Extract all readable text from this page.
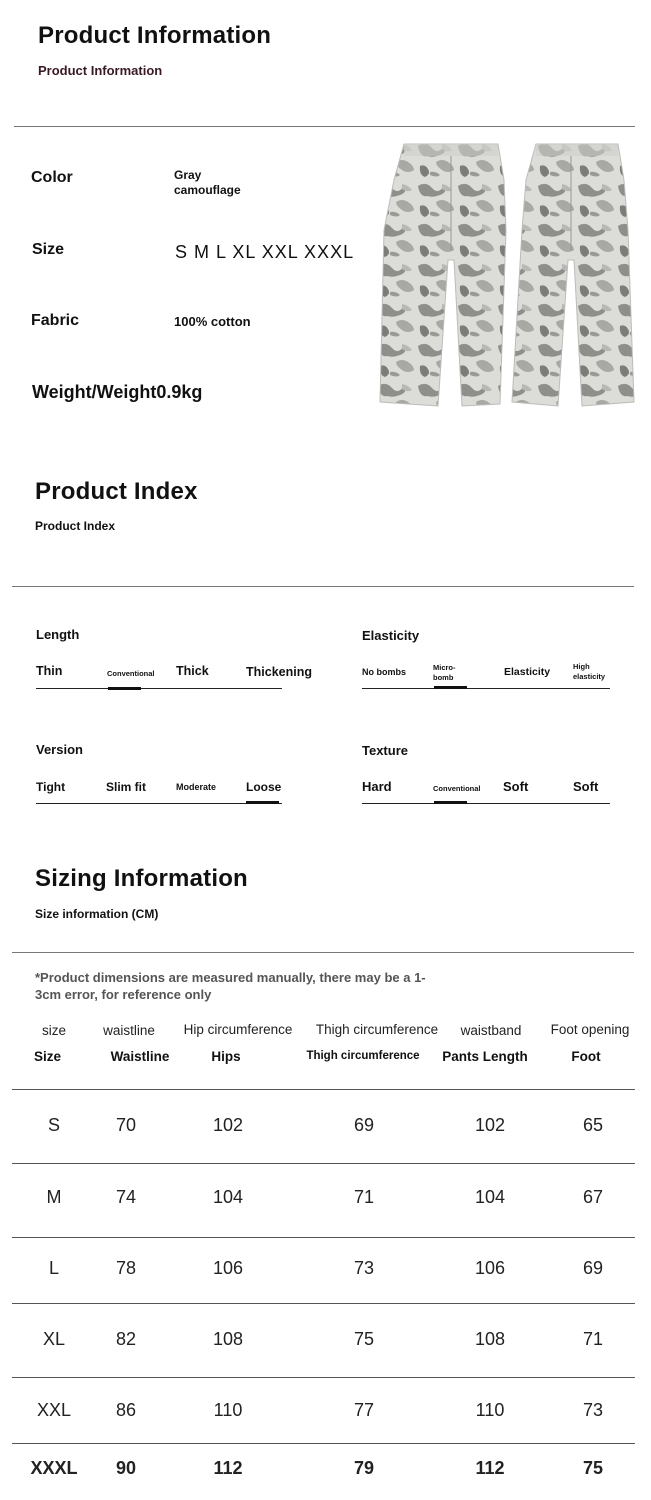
Product Information
Product Information
Color	Gray
camouflage
Size	S M L XL XXL XXXL
Fabric	100% cotton
Weight/Weight0.9kg
Product Index
Product Index
Length
Thin	Conventional Thick	Thickening
Elasticity
No bombs	Micro-
bomb	Elasticity	High
elasticity
Version
Tight	Slim fit	Moderate Loose
Texture
Hard	Conventional Soft	Soft
Sizing Information
Size information (CM)
*Product dimensions are measured manually, there may be a 1-
3cm error, for reference only
size	waistline	Hip circumference	Thigh circumference	waistband	Foot opening
Size	Waistline	Hips	Thigh circumference	Pants Length	Foot
S	70	102	69	102	65
M	74	104	71	104	67
L	78	106	73	106	69
XL	82	108	75	108	71
XXL	86	110	77	110	73
XXXL	90	112	79	112	75
